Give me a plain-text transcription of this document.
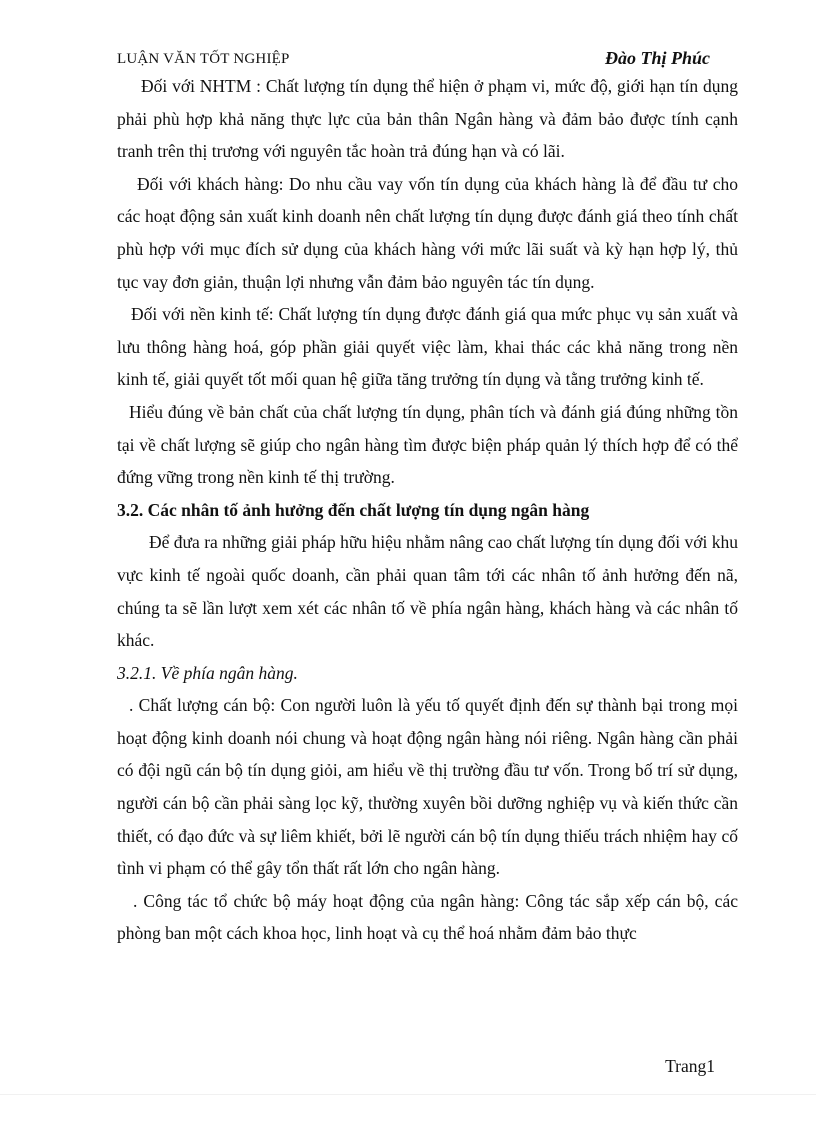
LUẬN VĂN TỐT NGHIỆP	Đào Thị Phúc

Đối với NHTM : Chất lượng tín dụng thể hiện ở phạm vi, mức độ, giới hạn tín dụng phải phù hợp khả năng thực lực của bản thân Ngân hàng và đảm bảo được tính cạnh tranh trên thị trương với nguyên tắc hoàn trả đúng hạn và có lãi.

Đối với khách hàng: Do nhu cầu vay vốn tín dụng của khách hàng là để đầu tư cho các hoạt động sản xuất kinh doanh nên chất lượng tín dụng được đánh giá theo tính chất phù hợp với mục đích sử dụng của khách hàng với mức lãi suất và kỳ hạn hợp lý, thủ tục vay đơn giản, thuận lợi nhưng vẫn đảm bảo nguyên tác tín dụng.

Đối với nền kinh tế: Chất lượng tín dụng được đánh giá qua mức phục vụ sản xuất và lưu thông hàng hoá, góp phần giải quyết việc làm, khai thác các khả năng trong nền kinh tế, giải quyết tốt mối quan hệ giữa tăng trưởng tín dụng và tằng trưởng kinh tế.

Hiểu đúng về bản chất của chất lượng tín dụng, phân tích và đánh giá đúng những tồn tại về chất lượng sẽ giúp cho ngân hàng tìm được biện pháp quản lý thích hợp để có thể đứng vững trong nền kinh tế thị trường.

3.2. Các nhân tố ảnh hưởng đến chất lượng tín dụng ngân hàng

Để đưa ra những giải pháp hữu hiệu nhằm nâng cao chất lượng tín dụng đối với khu vực kinh tế ngoài quốc doanh, cần phải quan tâm tới các nhân tố ảnh hưởng đến nã, chúng ta sẽ lần lượt xem xét các nhân tố về phía ngân hàng, khách hàng và các nhân tố khác.

3.2.1. Về phía ngân hàng.

. Chất lượng cán bộ: Con người luôn là yếu tố quyết định đến sự thành bại trong mọi hoạt động kinh doanh nói chung và hoạt động ngân hàng nói riêng. Ngân hàng cần phải có đội ngũ cán bộ tín dụng giỏi, am hiểu về thị trường đầu tư vốn. Trong bố trí sử dụng, người cán bộ cần phải sàng lọc kỹ, thường xuyên bồi dưỡng nghiệp vụ và kiến thức cần thiết, có đạo đức và sự liêm khiết, bởi lẽ người cán bộ tín dụng thiếu trách nhiệm hay cố tình vi phạm có thể gây tổn thất rất lớn cho ngân hàng.

. Công tác tổ chức bộ máy hoạt động của ngân hàng: Công tác sắp xếp cán bộ, các phòng ban một cách khoa học, linh hoạt và cụ thể hoá nhằm đảm bảo thực

Trang1
